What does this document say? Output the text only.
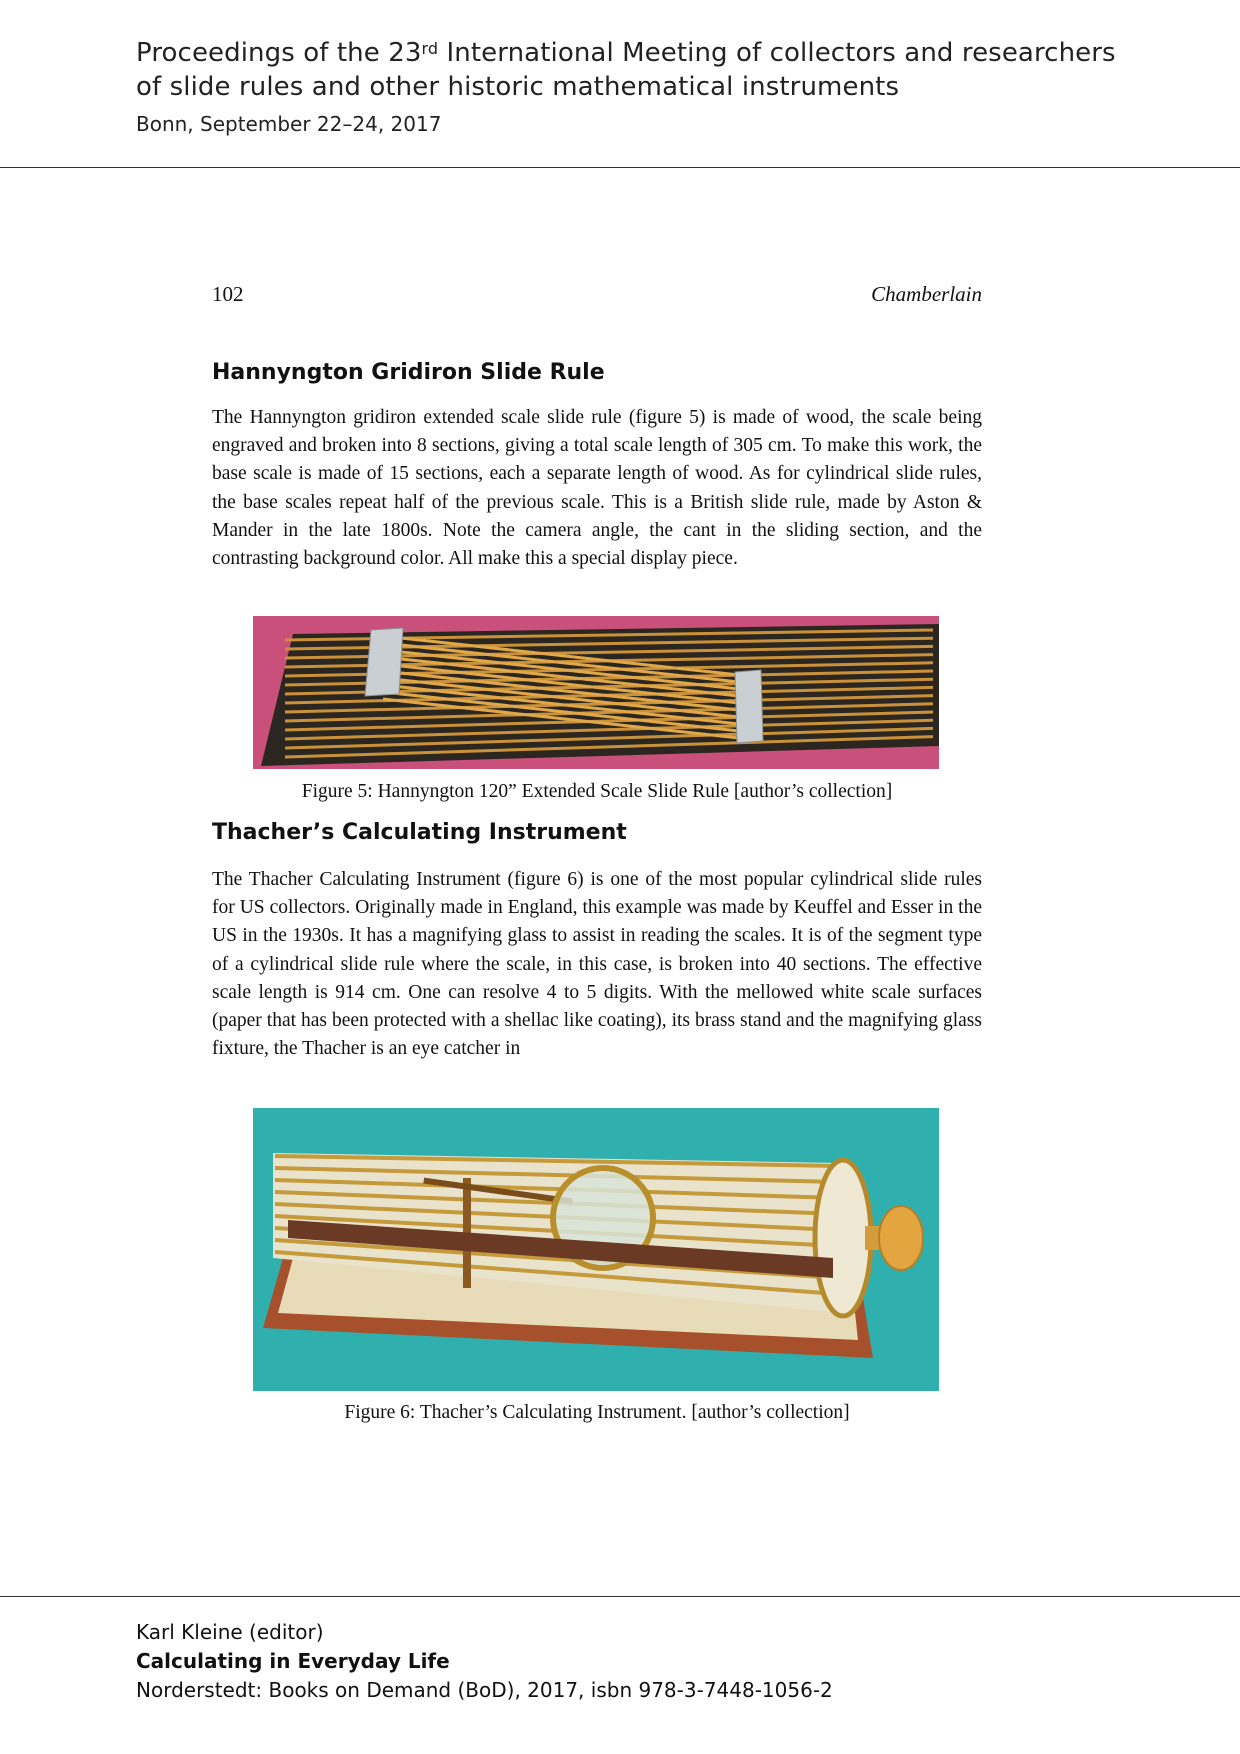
Proceedings of the 23rd International Meeting of collectors and researchers
of slide rules and other historic mathematical instruments
Bonn, September 22–24, 2017
102	Chamberlain
Hannyngton Gridiron Slide Rule
The Hannyngton gridiron extended scale slide rule (figure 5) is made of wood, the scale being engraved and broken into 8 sections, giving a total scale length of 305 cm. To make this work, the base scale is made of 15 sections, each a separate length of wood. As for cylindrical slide rules, the base scales repeat half of the previous scale. This is a British slide rule, made by Aston & Mander in the late 1800s. Note the camera angle, the cant in the sliding section, and the contrasting background color. All make this a special display piece.
Figure 5: Hannyngton 120” Extended Scale Slide Rule [author’s collection]
Thacher’s Calculating Instrument
The Thacher Calculating Instrument (figure 6) is one of the most popular cylindrical slide rules for US collectors. Originally made in England, this example was made by Keuffel and Esser in the US in the 1930s. It has a magnifying glass to assist in reading the scales. It is of the segment type of a cylindrical slide rule where the scale, in this case, is broken into 40 sections. The effective scale length is 914 cm. One can resolve 4 to 5 digits. With the mellowed white scale surfaces (paper that has been protected with a shellac like coating), its brass stand and the magnifying glass fixture, the Thacher is an eye catcher in
Figure 6: Thacher’s Calculating Instrument. [author’s collection]
Karl Kleine (editor)
Calculating in Everyday Life
Norderstedt: Books on Demand (BoD), 2017, isbn 978-3-7448-1056-2
